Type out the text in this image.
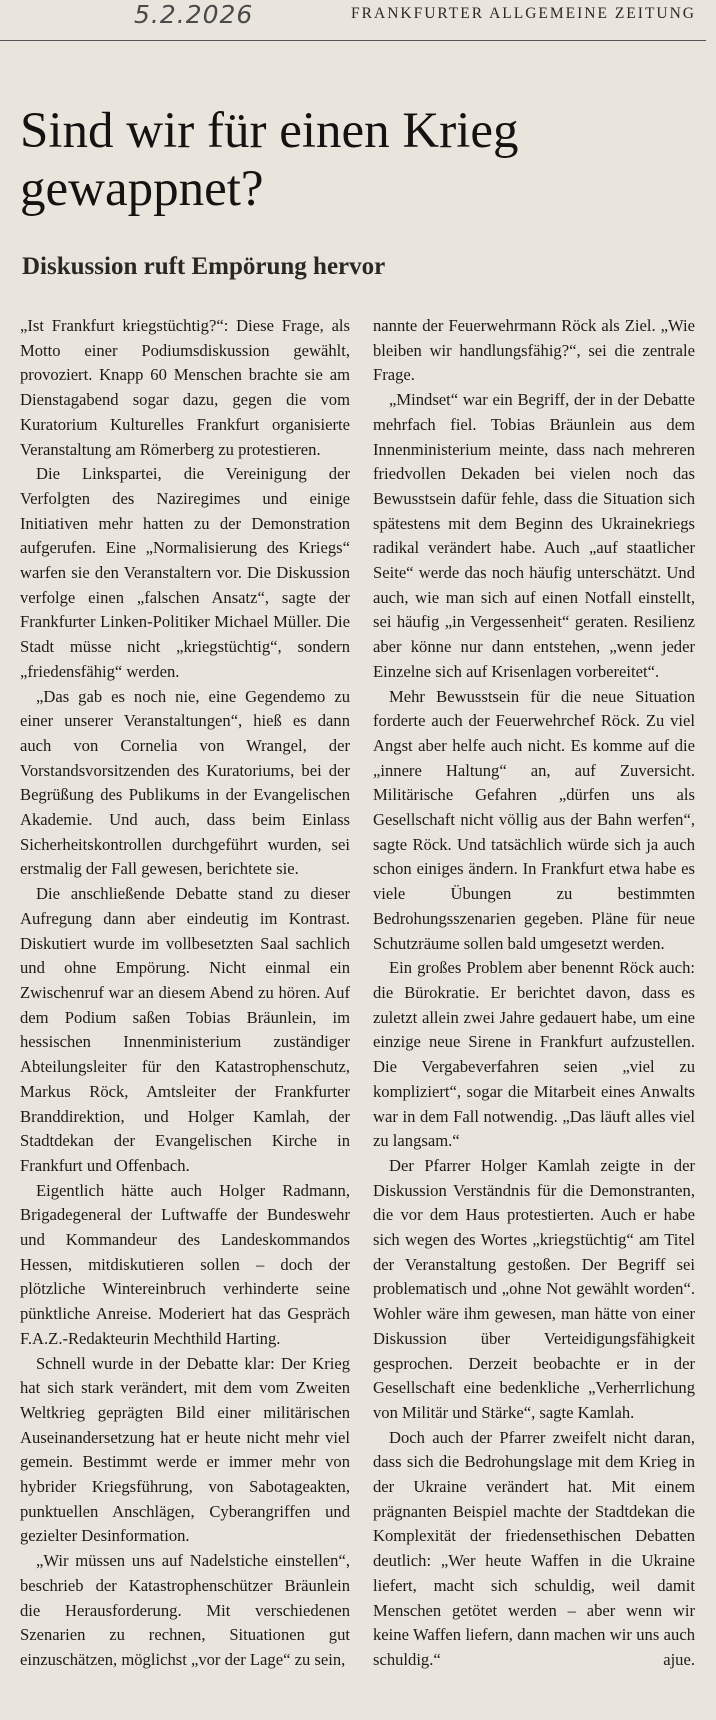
5.2.2026	FRANKFURTER ALLGEMEINE ZEITUNG
Sind wir für einen Krieg gewappnet?
Diskussion ruft Empörung hervor

„Ist Frankfurt kriegstüchtig?“: Diese Frage, als Motto einer Podiumsdiskussion gewählt, provoziert. Knapp 60 Menschen brachte sie am Dienstagabend sogar dazu, gegen die vom Kuratorium Kulturelles Frankfurt organisierte Veranstaltung am Römerberg zu protestieren.

Die Linkspartei, die Vereinigung der Verfolgten des Naziregimes und einige Initiativen mehr hatten zu der Demonstration aufgerufen. Eine „Normalisierung des Kriegs“ warfen sie den Veranstaltern vor. Die Diskussion verfolge einen „falschen Ansatz“, sagte der Frankfurter Linken-Politiker Michael Müller. Die Stadt müsse nicht „kriegstüchtig“, sondern „friedensfähig“ werden.

„Das gab es noch nie, eine Gegendemo zu einer unserer Veranstaltungen“, hieß es dann auch von Cornelia von Wrangel, der Vorstandsvorsitzenden des Kuratoriums, bei der Begrüßung des Publikums in der Evangelischen Akademie. Und auch, dass beim Einlass Sicherheitskontrollen durchgeführt wurden, sei erstmalig der Fall gewesen, berichtete sie.

Die anschließende Debatte stand zu dieser Aufregung dann aber eindeutig im Kontrast. Diskutiert wurde im vollbesetzten Saal sachlich und ohne Empörung. Nicht einmal ein Zwischenruf war an diesem Abend zu hören. Auf dem Podium saßen Tobias Bräunlein, im hessischen Innenministerium zuständiger Abteilungsleiter für den Katastrophenschutz, Markus Röck, Amtsleiter der Frankfurter Branddirektion, und Holger Kamlah, der Stadtdekan der Evangelischen Kirche in Frankfurt und Offenbach.

Eigentlich hätte auch Holger Radmann, Brigadegeneral der Luftwaffe der Bundeswehr und Kommandeur des Landeskommandos Hessen, mitdiskutieren sollen – doch der plötzliche Wintereinbruch verhinderte seine pünktliche Anreise. Moderiert hat das Gespräch F.A.Z.-Redakteurin Mechthild Harting.

Schnell wurde in der Debatte klar: Der Krieg hat sich stark verändert, mit dem vom Zweiten Weltkrieg geprägten Bild einer militärischen Auseinandersetzung hat er heute nicht mehr viel gemein. Bestimmt werde er immer mehr von hybrider Kriegsführung, von Sabotageakten, punktuellen Anschlägen, Cyberangriffen und gezielter Desinformation.

„Wir müssen uns auf Nadelstiche einstellen“, beschrieb der Katastrophenschützer Bräunlein die Herausforderung. Mit verschiedenen Szenarien zu rechnen, Situationen gut einzuschätzen, möglichst „vor der Lage“ zu sein,

nannte der Feuerwehrmann Röck als Ziel. „Wie bleiben wir handlungsfähig?“, sei die zentrale Frage.

„Mindset“ war ein Begriff, der in der Debatte mehrfach fiel. Tobias Bräunlein aus dem Innenministerium meinte, dass nach mehreren friedvollen Dekaden bei vielen noch das Bewusstsein dafür fehle, dass die Situation sich spätestens mit dem Beginn des Ukrainekriegs radikal verändert habe. Auch „auf staatlicher Seite“ werde das noch häufig unterschätzt. Und auch, wie man sich auf einen Notfall einstellt, sei häufig „in Vergessenheit“ geraten. Resilienz aber könne nur dann entstehen, „wenn jeder Einzelne sich auf Krisenlagen vorbereitet“.

Mehr Bewusstsein für die neue Situation forderte auch der Feuerwehrchef Röck. Zu viel Angst aber helfe auch nicht. Es komme auf die „innere Haltung“ an, auf Zuversicht. Militärische Gefahren „dürfen uns als Gesellschaft nicht völlig aus der Bahn werfen“, sagte Röck. Und tatsächlich würde sich ja auch schon einiges ändern. In Frankfurt etwa habe es viele Übungen zu bestimmten Bedrohungsszenarien gegeben. Pläne für neue Schutzräume sollen bald umgesetzt werden.

Ein großes Problem aber benennt Röck auch: die Bürokratie. Er berichtet davon, dass es zuletzt allein zwei Jahre gedauert habe, um eine einzige neue Sirene in Frankfurt aufzustellen. Die Vergabeverfahren seien „viel zu kompliziert“, sogar die Mitarbeit eines Anwalts war in dem Fall notwendig. „Das läuft alles viel zu langsam.“

Der Pfarrer Holger Kamlah zeigte in der Diskussion Verständnis für die Demonstranten, die vor dem Haus protestierten. Auch er habe sich wegen des Wortes „kriegstüchtig“ am Titel der Veranstaltung gestoßen. Der Begriff sei problematisch und „ohne Not gewählt worden“. Wohler wäre ihm gewesen, man hätte von einer Diskussion über Verteidigungsfähigkeit gesprochen. Derzeit beobachte er in der Gesellschaft eine bedenkliche „Verherrlichung von Militär und Stärke“, sagte Kamlah.

Doch auch der Pfarrer zweifelt nicht daran, dass sich die Bedrohungslage mit dem Krieg in der Ukraine verändert hat. Mit einem prägnanten Beispiel machte der Stadtdekan die Komplexität der friedensethischen Debatten deutlich: „Wer heute Waffen in die Ukraine liefert, macht sich schuldig, weil damit Menschen getötet werden – aber wenn wir keine Waffen liefern, dann machen wir uns auch schuldig.“	ajue.
